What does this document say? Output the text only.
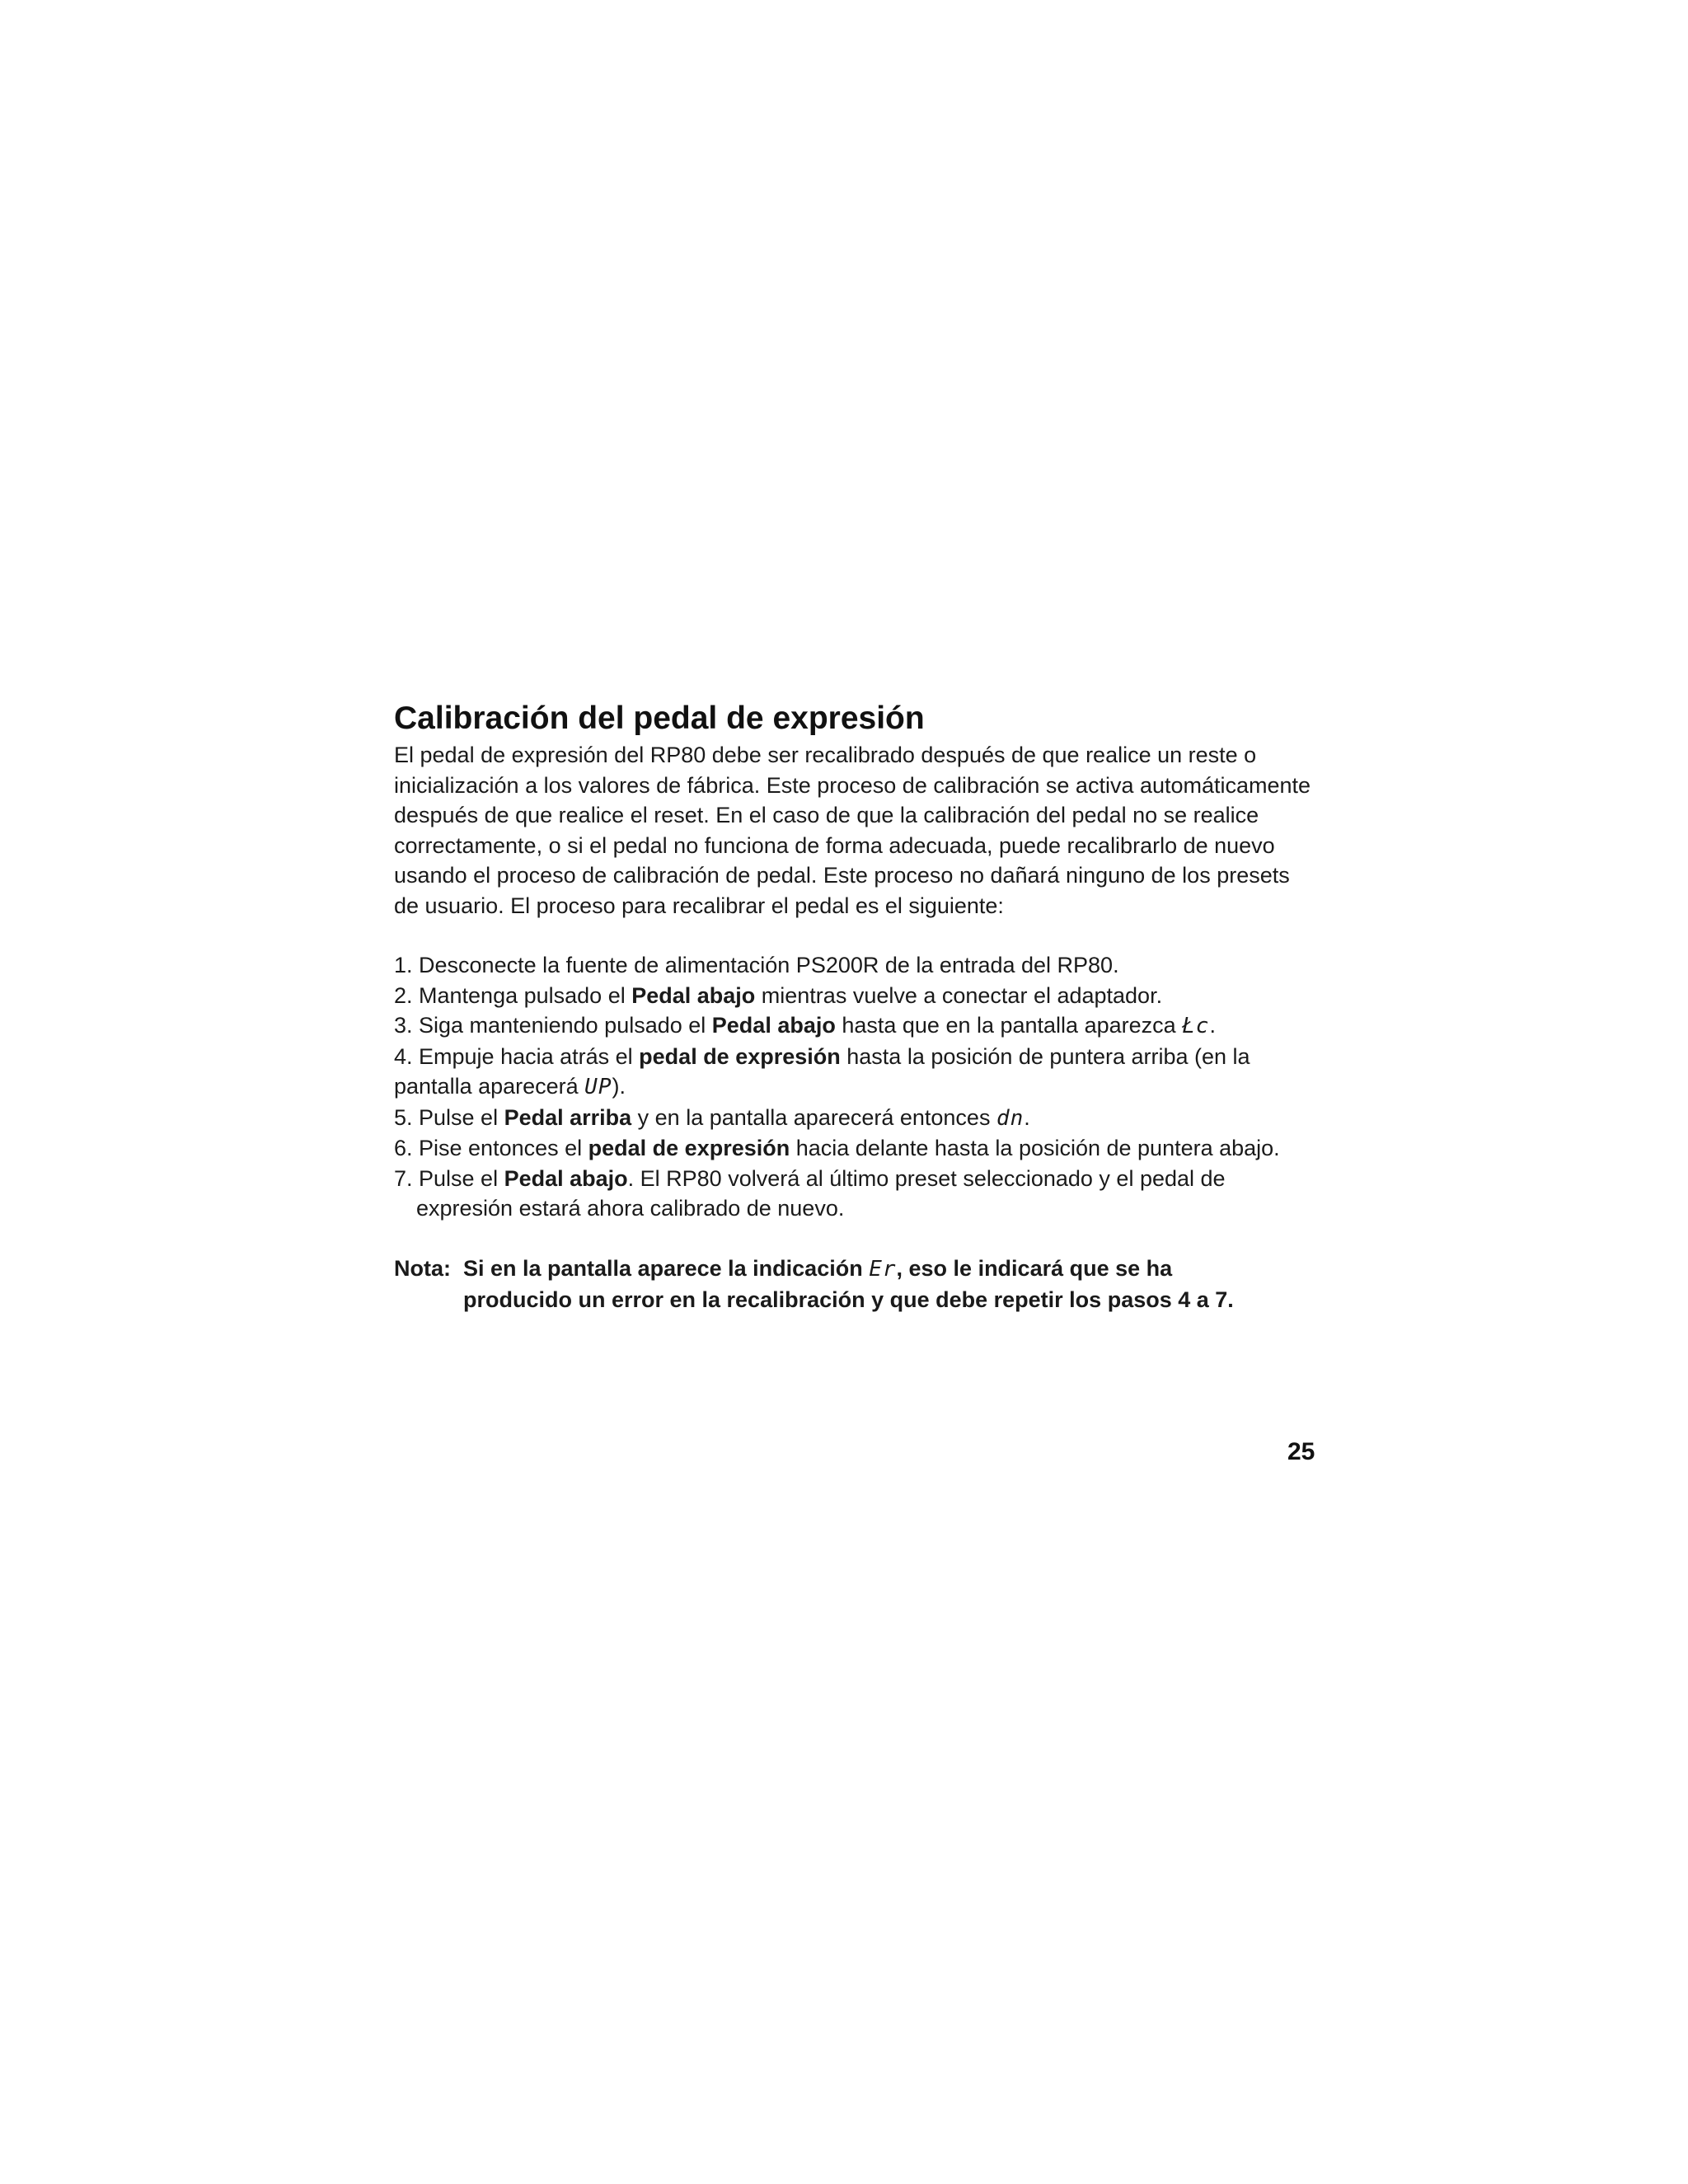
Calibración del pedal de expresión

El pedal de expresión del RP80 debe ser recalibrado después de que realice un reste o

inicialización a los valores de fábrica. Este proceso de calibración se activa automáticamente

después de que realice el reset. En el caso de que la calibración del pedal no se realice

correctamente, o si el pedal no funciona de forma adecuada, puede recalibrarlo de nuevo

usando el proceso de calibración de pedal. Este proceso no dañará ninguno de los presets

de usuario. El proceso para recalibrar el pedal es el siguiente:

1. Desconecte la fuente de alimentación PS200R de la entrada del RP80.
2. Mantenga pulsado el Pedal abajo mientras vuelve a conectar el adaptador.
3. Siga manteniendo pulsado el Pedal abajo hasta que en la pantalla aparezca Łc.
4. Empuje hacia atrás el pedal de expresión hasta la posición de puntera arriba (en la
pantalla aparecerá UP).
5. Pulse el Pedal arriba y en la pantalla aparecerá entonces dn.
6. Pise entonces el pedal de expresión hacia delante hasta la posición de puntera abajo.
7. Pulse el Pedal abajo. El RP80 volverá al último preset seleccionado y el pedal de
expresión estará ahora calibrado de nuevo.
Nota: Si en la pantalla aparece la indicación Er, eso le indicará que se ha
producido un error en la recalibración y que debe repetir los pasos 4 a 7.
25
